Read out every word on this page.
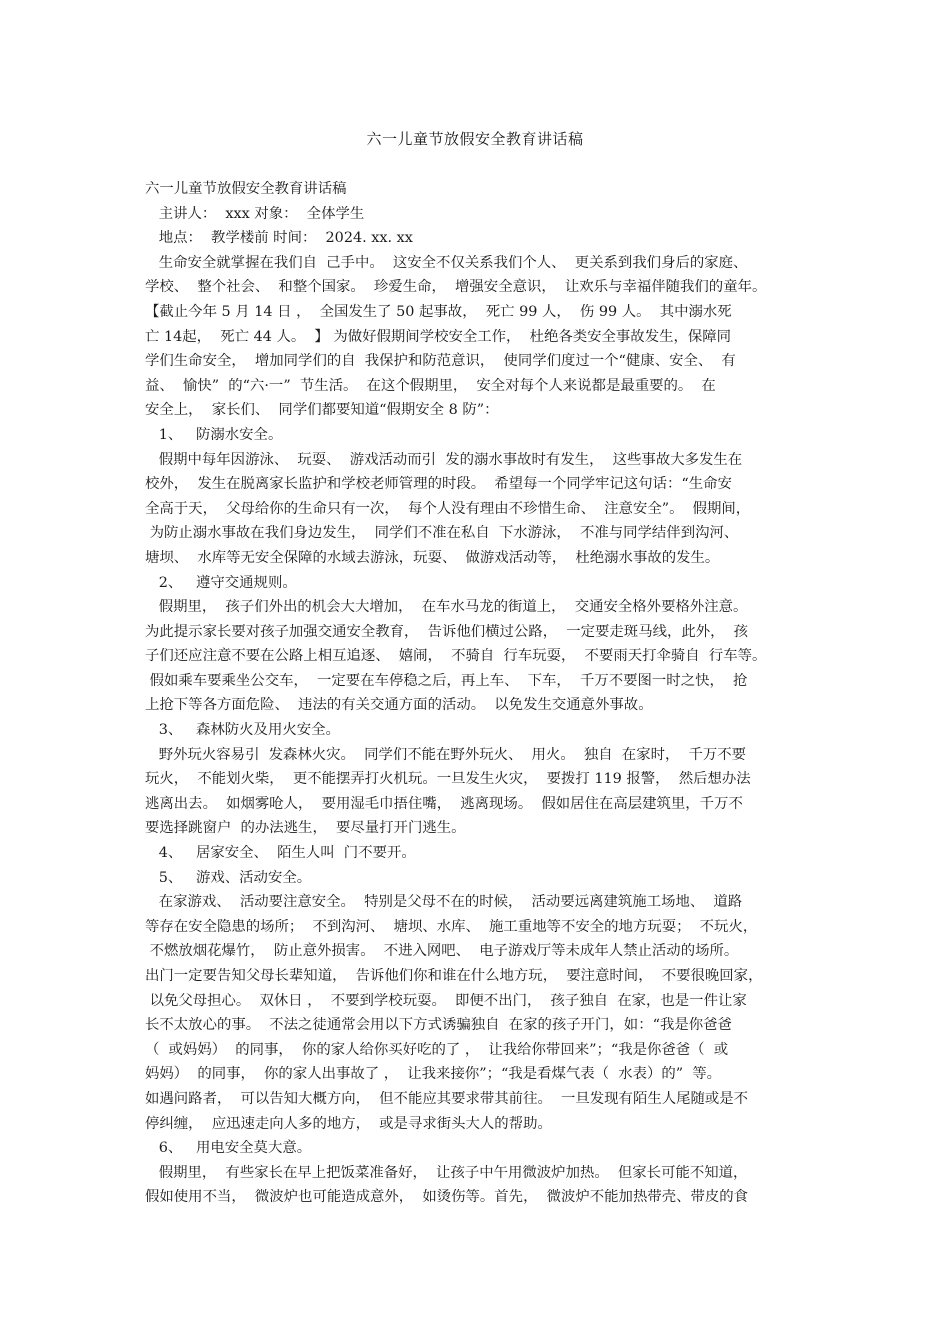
六一儿童节放假安全教育讲话稿
六一儿童节放假安全教育讲话稿
主讲人：  xxx 对象：  全体学生
地点：  教学楼前 时间：  2024. xx. xx
生命安全就掌握在我们自  己手中。  这安全不仅关系我们个人、  更关系到我们身后的家庭、
学校、  整个社会、  和整个国家。  珍爱生命，  增强安全意识，  让欢乐与幸福伴随我们的童年。
【截止今年 5 月 14 日 ，  全国发生了 50 起事故，  死亡 99 人，  伤 99 人。  其中溺水死
亡 14起，  死亡 44 人。  】 为做好假期间学校安全工作，  杜绝各类安全事故发生，保障同
学们生命安全，  增加同学们的自  我保护和防范意识，  使同学们度过一个“健康、安全、  有
益、  愉快”  的“六·一”  节生活。  在这个假期里，  安全对每个人来说都是最重要的。  在
安全上，  家长们、  同学们都要知道“假期安全 8 防”：
1、   防溺水安全。
假期中每年因游泳、  玩耍、  游戏活动而引  发的溺水事故时有发生，  这些事故大多发生在
校外，  发生在脱离家长监护和学校老师管理的时段。  希望每一个同学牢记这句话：“生命安
全高于天，  父母给你的生命只有一次，  每个人没有理由不珍惜生命、  注意安全”。  假期间，
为防止溺水事故在我们身边发生，  同学们不准在私自  下水游泳，  不准与同学结伴到沟河、
塘坝、  水库等无安全保障的水域去游泳，玩耍、  做游戏活动等，  杜绝溺水事故的发生。
2、   遵守交通规则。
假期里，  孩子们外出的机会大大增加，  在车水马龙的街道上，  交通安全格外要格外注意。
为此提示家长要对孩子加强交通安全教育，  告诉他们横过公路，  一定要走斑马线，此外，  孩
子们还应注意不要在公路上相互追逐、  嬉闹，  不骑自  行车玩耍，  不要雨天打伞骑自  行车等。
假如乘车要乘坐公交车，  一定要在车停稳之后，再上车、  下车，  千万不要图一时之快，  抢
上抢下等各方面危险、  违法的有关交通方面的活动。  以免发生交通意外事故。
3、   森林防火及用火安全。
野外玩火容易引  发森林火灾。  同学们不能在野外玩火、  用火。  独自  在家时，  千万不要
玩火，  不能划火柴，  更不能摆弄打火机玩。一旦发生火灾，  要拨打 119 报警，  然后想办法
逃离出去。  如烟雾呛人，  要用湿毛巾捂住嘴，  逃离现场。  假如居住在高层建筑里，千万不
要选择跳窗户  的办法逃生，  要尽量打开门逃生。
4、   居家安全、  陌生人叫  门不要开。
5、   游戏、活动安全。
在家游戏、  活动要注意安全。  特别是父母不在的时候，  活动要远离建筑施工场地、  道路
等存在安全隐患的场所；  不到沟河、  塘坝、水库、  施工重地等不安全的地方玩耍；  不玩火，
不燃放烟花爆竹，  防止意外损害。  不进入网吧、  电子游戏厅等未成年人禁止活动的场所。
出门一定要告知父母长辈知道，  告诉他们你和谁在什么地方玩，  要注意时间，  不要很晚回家，
以免父母担心。  双休日 ，  不要到学校玩耍。  即便不出门，  孩子独自  在家，也是一件让家
长不太放心的事。  不法之徒通常会用以下方式诱骗独自  在家的孩子开门，如：“我是你爸爸
（  或妈妈）  的同事，  你的家人给你买好吃的了 ，  让我给你带回来”；“我是你爸爸（  或
妈妈）  的同事，  你的家人出事故了 ，  让我来接你”；“我是看煤气表（  水表）的”  等。
如遇问路者，  可以告知大概方向，  但不能应其要求带其前往。  一旦发现有陌生人尾随或是不
停纠缠，  应迅速走向人多的地方，  或是寻求街头大人的帮助。
6、   用电安全莫大意。
假期里，  有些家长在早上把饭菜准备好，  让孩子中午用微波炉加热。  但家长可能不知道，
假如使用不当，  微波炉也可能造成意外，  如烫伤等。首先，  微波炉不能加热带壳、带皮的食
